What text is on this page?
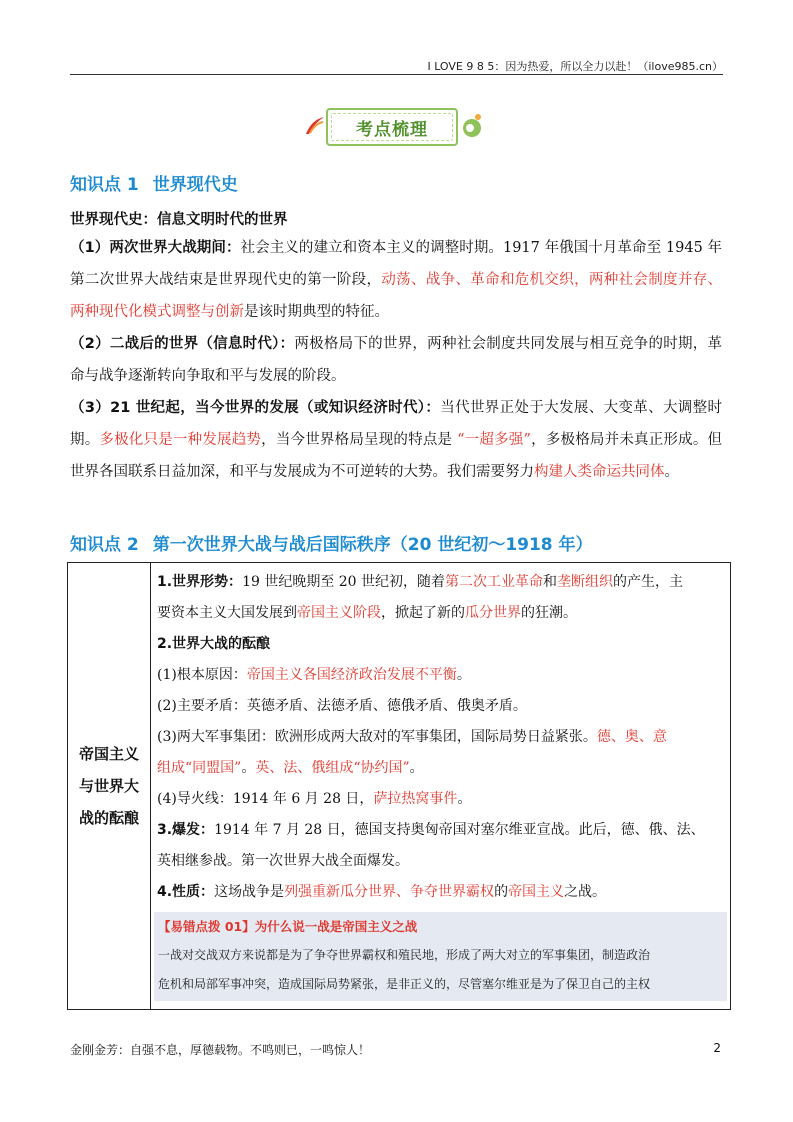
I LOVE 9 8 5：因为热爱，所以全力以赴！（ilove985.cn）
考点梳理
知识点 1 世界现代史
世界现代史：信息文明时代的世界
（1）两次世界大战期间：社会主义的建立和资本主义的调整时期。1917 年俄国十月革命至 1945 年第二次世界大战结束是世界现代史的第一阶段，动荡、战争、革命和危机交织，两种社会制度并存、两种现代化模式调整与创新是该时期典型的特征。
（2）二战后的世界（信息时代）：两极格局下的世界，两种社会制度共同发展与相互竞争的时期，革命与战争逐渐转向争取和平与发展的阶段。
（3）21 世纪起，当今世界的发展（或知识经济时代）：当代世界正处于大发展、大变革、大调整时期。多极化只是一种发展趋势，当今世界格局呈现的特点是 “一超多强”，多极格局并未真正形成。但世界各国联系日益加深，和平与发展成为不可逆转的大势。我们需要努力构建人类命运共同体。
知识点 2 第一次世界大战与战后国际秩序（20 世纪初～1918 年）
帝国主义
与世界大
战的酝酿

1.世界形势：19 世纪晚期至 20 世纪初，随着第二次工业革命和垄断组织的产生，主
要资本主义大国发展到帝国主义阶段，掀起了新的瓜分世界的狂潮。
2.世界大战的酝酿
(1)根本原因：帝国主义各国经济政治发展不平衡。
(2)主要矛盾：英德矛盾、法德矛盾、德俄矛盾、俄奥矛盾。
(3)两大军事集团：欧洲形成两大敌对的军事集团，国际局势日益紧张。德、奥、意
组成“同盟国”。英、法、俄组成“协约国”。
(4)导火线：1914 年 6 月 28 日，萨拉热窝事件。
3.爆发：1914 年 7 月 28 日，德国支持奥匈帝国对塞尔维亚宣战。此后，德、俄、法、
英相继参战。第一次世界大战全面爆发。
4.性质：这场战争是列强重新瓜分世界、争夺世界霸权的帝国主义之战。
【易错点拨 01】为什么说一战是帝国主义之战
一战对交战双方来说都是为了争夺世界霸权和殖民地，形成了两大对立的军事集团，制造政治
危机和局部军事冲突，造成国际局势紧张，是非正义的，尽管塞尔维亚是为了保卫自己的主权
金刚金芳：自强不息，厚德载物。不鸣则已，一鸣惊人！	2
